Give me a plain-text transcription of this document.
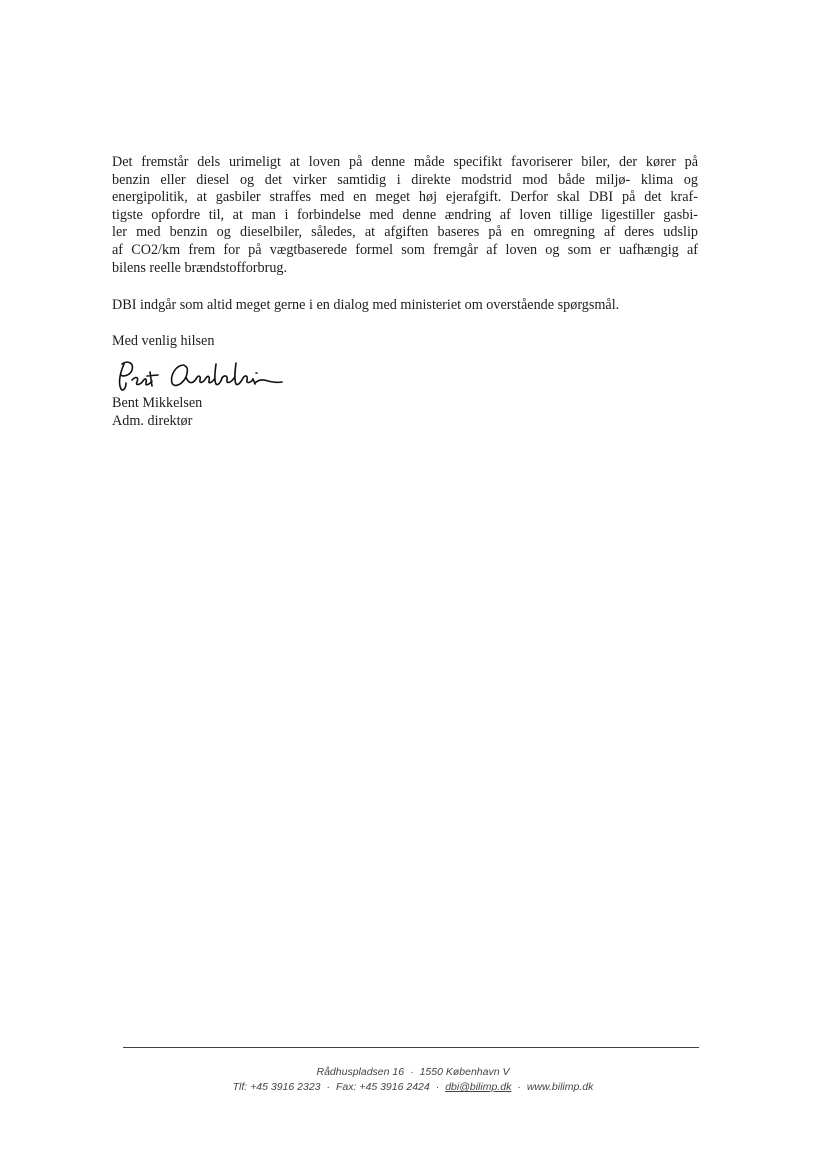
Det fremstår dels urimeligt at loven på denne måde specifikt favoriserer biler, der kører på
benzin eller diesel og det virker samtidig i direkte modstrid mod både miljø- klima og
energipolitik, at gasbiler straffes med en meget høj ejerafgift. Derfor skal DBI på det kraf-
tigste opfordre til, at man i forbindelse med denne ændring af loven tillige ligestiller gasbi-
ler med benzin og dieselbiler, således, at afgiften baseres på en omregning af deres udslip
af CO2/km frem for på vægtbaserede formel som fremgår af loven og som er uafhængig af
bilens reelle brændstofforbrug.

DBI indgår som altid meget gerne i en dialog med ministeriet om overstående spørgsmål.

Med venlig hilsen

Bent Mikkelsen
Adm. direktør
Rådhuspladsen 16 · 1550 København V
Tlf: +45 3916 2323 · Fax: +45 3916 2424 · dbi@bilimp.dk · www.bilimp.dk
